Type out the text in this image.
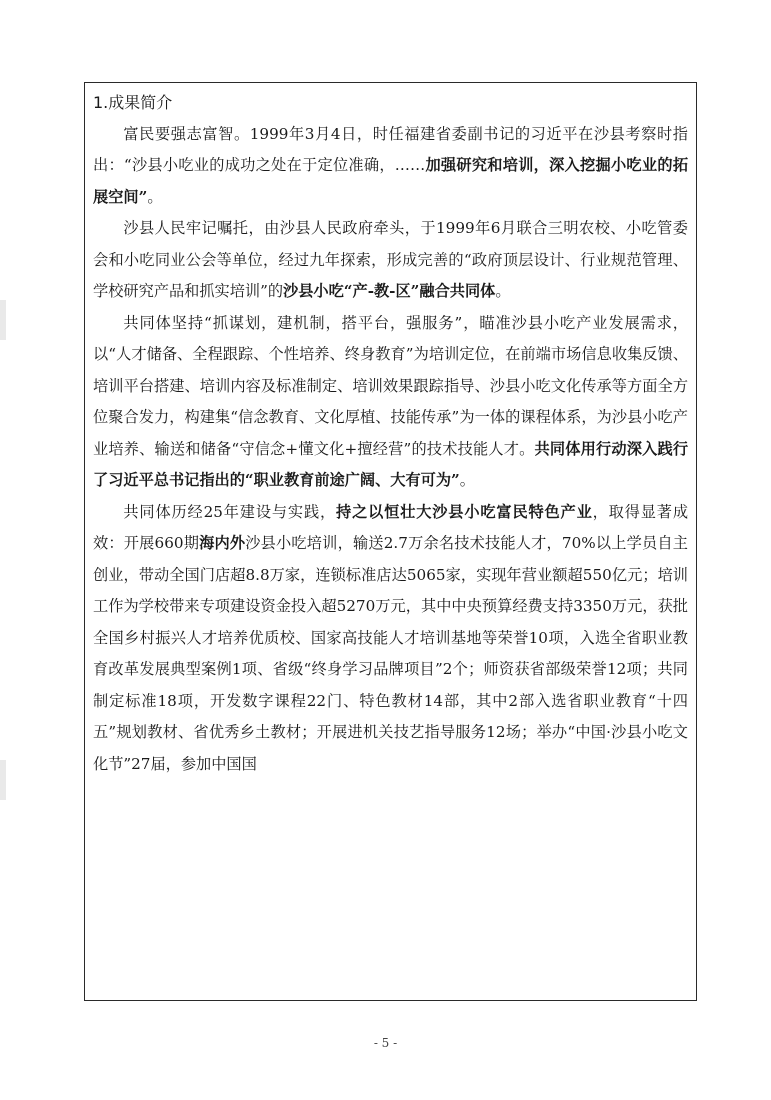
1.成果简介

富民要强志富智。1999年3月4日，时任福建省委副书记的习近平在沙县考察时指出：“沙县小吃业的成功之处在于定位准确，……加强研究和培训，深入挖掘小吃业的拓展空间”。

沙县人民牢记嘱托，由沙县人民政府牵头，于1999年6月联合三明农校、小吃管委会和小吃同业公会等单位，经过九年探索，形成完善的“政府顶层设计、行业规范管理、学校研究产品和抓实培训”的沙县小吃“产-教-区”融合共同体。

共同体坚持“抓谋划，建机制，搭平台，强服务”，瞄准沙县小吃产业发展需求，以“人才储备、全程跟踪、个性培养、终身教育”为培训定位，在前端市场信息收集反馈、培训平台搭建、培训内容及标准制定、培训效果跟踪指导、沙县小吃文化传承等方面全方位聚合发力，构建集“信念教育、文化厚植、技能传承”为一体的课程体系，为沙县小吃产业培养、输送和储备“守信念+懂文化+擅经营”的技术技能人才。共同体用行动深入践行了习近平总书记指出的“职业教育前途广阔、大有可为”。

共同体历经25年建设与实践，持之以恒壮大沙县小吃富民特色产业，取得显著成效：开展660期海内外沙县小吃培训，输送2.7万余名技术技能人才，70%以上学员自主创业，带动全国门店超8.8万家，连锁标准店达5065家，实现年营业额超550亿元；培训工作为学校带来专项建设资金投入超5270万元，其中中央预算经费支持3350万元，获批全国乡村振兴人才培养优质校、国家高技能人才培训基地等荣誉10项，入选全省职业教育改革发展典型案例1项、省级“终身学习品牌项目”2个；师资获省部级荣誉12项；共同制定标准18项，开发数字课程22门、特色教材14部，其中2部入选省职业教育“十四五”规划教材、省优秀乡土教材；开展进机关技艺指导服务12场；举办“中国·沙县小吃文化节”27届，参加中国国

- 5 -
